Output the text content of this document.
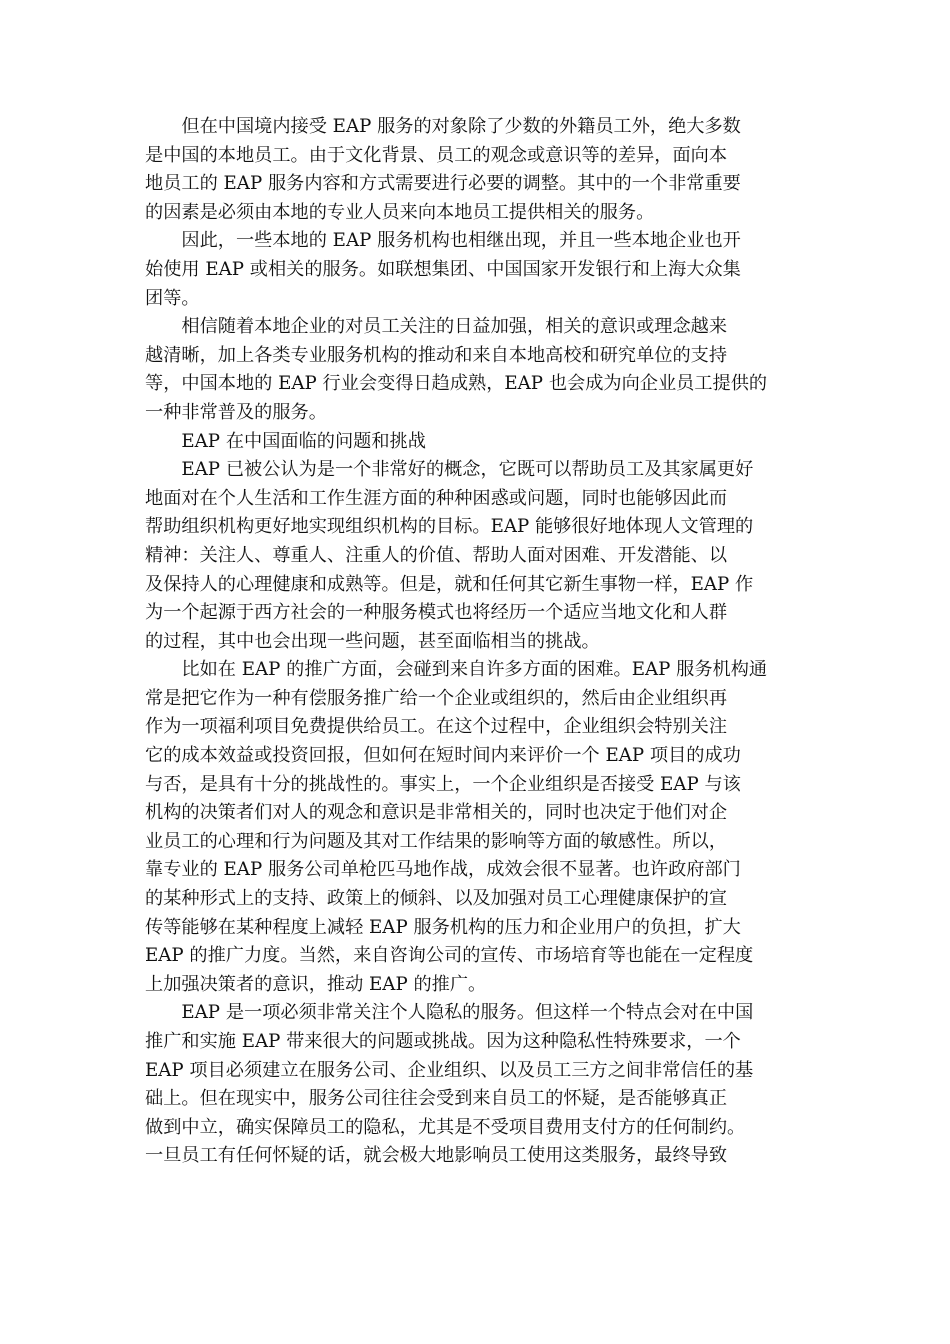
但在中国境内接受 EAP 服务的对象除了少数的外籍员工外，绝大多数
是中国的本地员工。由于文化背景、员工的观念或意识等的差异，面向本
地员工的 EAP 服务内容和方式需要进行必要的调整。其中的一个非常重要
的因素是必须由本地的专业人员来向本地员工提供相关的服务。

因此，一些本地的 EAP 服务机构也相继出现，并且一些本地企业也开
始使用 EAP 或相关的服务。如联想集团、中国国家开发银行和上海大众集
团等。

相信随着本地企业的对员工关注的日益加强，相关的意识或理念越来
越清晰，加上各类专业服务机构的推动和来自本地高校和研究单位的支持
等，中国本地的 EAP 行业会变得日趋成熟，EAP 也会成为向企业员工提供的
一种非常普及的服务。

EAP 在中国面临的问题和挑战

EAP 已被公认为是一个非常好的概念，它既可以帮助员工及其家属更好
地面对在个人生活和工作生涯方面的种种困惑或问题，同时也能够因此而
帮助组织机构更好地实现组织机构的目标。EAP 能够很好地体现人文管理的
精神：关注人、尊重人、注重人的价值、帮助人面对困难、开发潜能、以
及保持人的心理健康和成熟等。但是，就和任何其它新生事物一样，EAP 作
为一个起源于西方社会的一种服务模式也将经历一个适应当地文化和人群
的过程，其中也会出现一些问题，甚至面临相当的挑战。

比如在 EAP 的推广方面，会碰到来自许多方面的困难。EAP 服务机构通
常是把它作为一种有偿服务推广给一个企业或组织的，然后由企业组织再
作为一项福利项目免费提供给员工。在这个过程中，企业组织会特别关注
它的成本效益或投资回报，但如何在短时间内来评价一个 EAP 项目的成功
与否，是具有十分的挑战性的。事实上，一个企业组织是否接受 EAP 与该
机构的决策者们对人的观念和意识是非常相关的，同时也决定于他们对企
业员工的心理和行为问题及其对工作结果的影响等方面的敏感性。所以，
靠专业的 EAP 服务公司单枪匹马地作战，成效会很不显著。也许政府部门
的某种形式上的支持、政策上的倾斜、以及加强对员工心理健康保护的宣
传等能够在某种程度上减轻 EAP 服务机构的压力和企业用户的负担，扩大
EAP 的推广力度。当然，来自咨询公司的宣传、市场培育等也能在一定程度
上加强决策者的意识，推动 EAP 的推广。

EAP 是一项必须非常关注个人隐私的服务。但这样一个特点会对在中国
推广和实施 EAP 带来很大的问题或挑战。因为这种隐私性特殊要求，一个
EAP 项目必须建立在服务公司、企业组织、以及员工三方之间非常信任的基
础上。但在现实中，服务公司往往会受到来自员工的怀疑，是否能够真正
做到中立，确实保障员工的隐私，尤其是不受项目费用支付方的任何制约。
一旦员工有任何怀疑的话，就会极大地影响员工使用这类服务，最终导致
